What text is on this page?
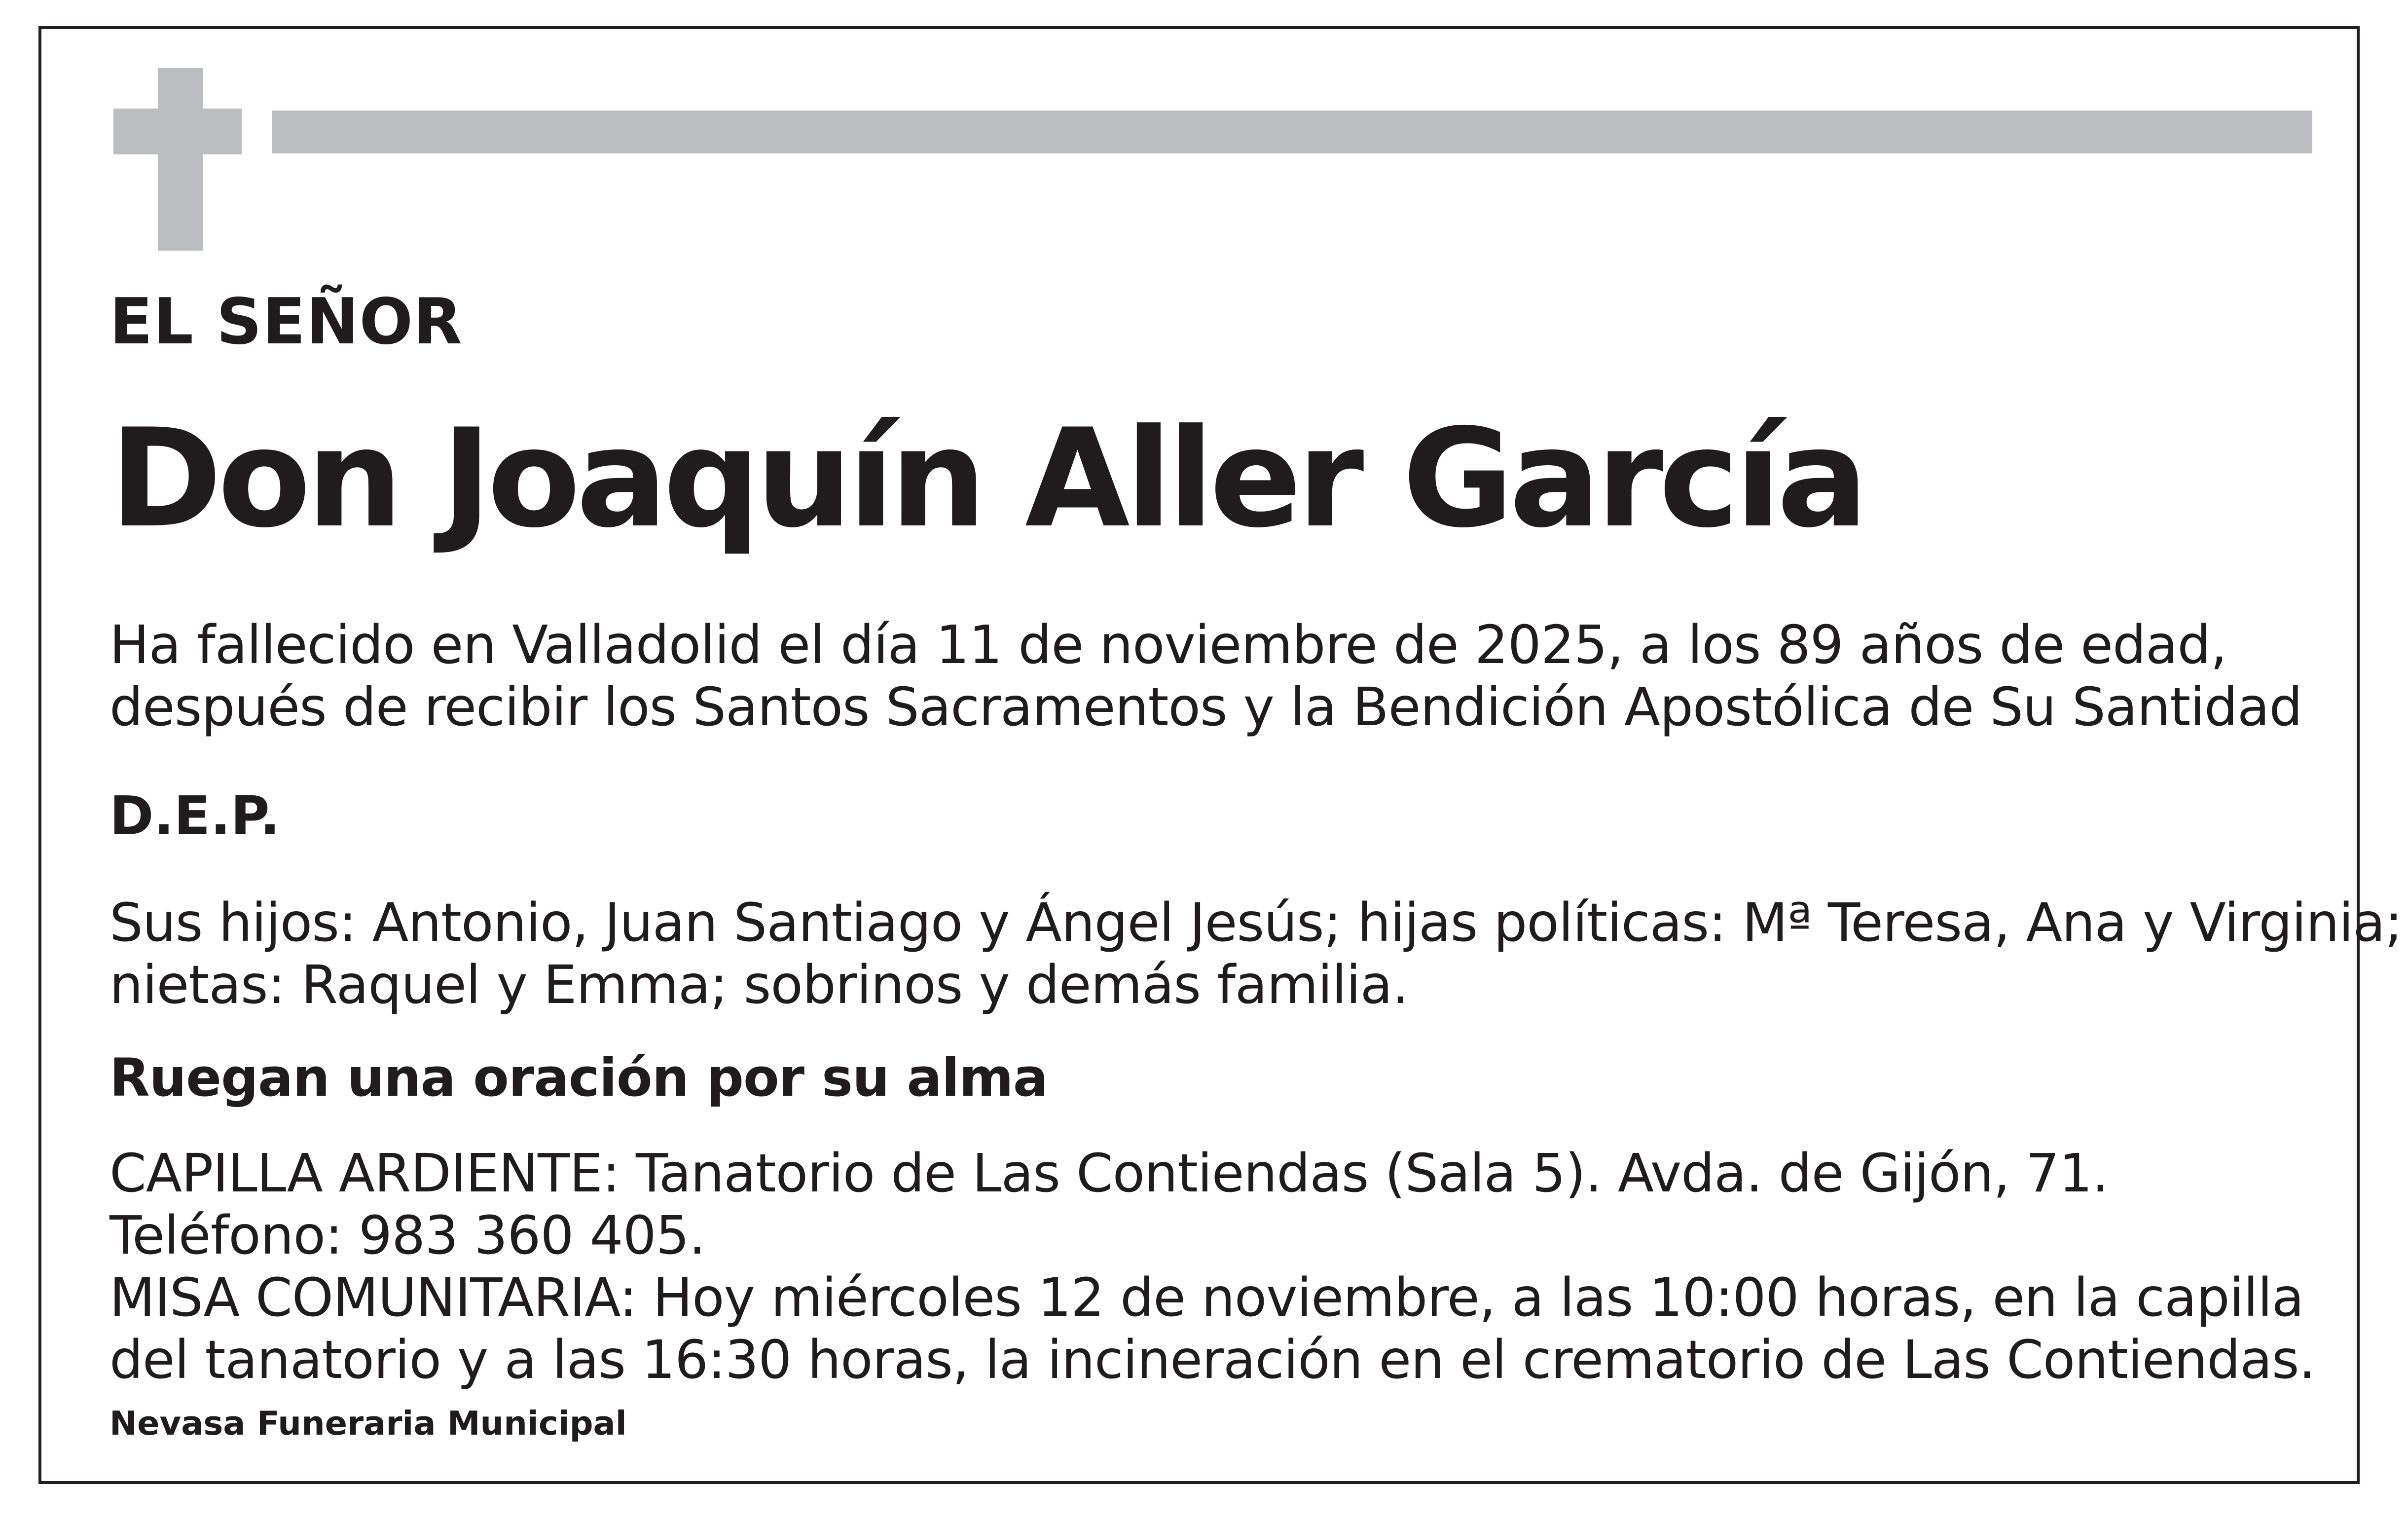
EL SEÑOR

Don Joaquín Aller García

Ha fallecido en Valladolid el día 11 de noviembre de 2025, a los 89 años de edad,
después de recibir los Santos Sacramentos y la Bendición Apostólica de Su Santidad

D.E.P.

Sus hijos: Antonio, Juan Santiago y Ángel Jesús; hijas políticas: Mª Teresa, Ana y Virginia;
nietas: Raquel y Emma; sobrinos y demás familia.

Ruegan una oración por su alma

CAPILLA ARDIENTE: Tanatorio de Las Contiendas (Sala 5). Avda. de Gijón, 71.
Teléfono: 983 360 405.
MISA COMUNITARIA: Hoy miércoles 12 de noviembre, a las 10:00 horas, en la capilla
del tanatorio y a las 16:30 horas, la incineración en el crematorio de Las Contiendas.

Nevasa Funeraria Municipal
